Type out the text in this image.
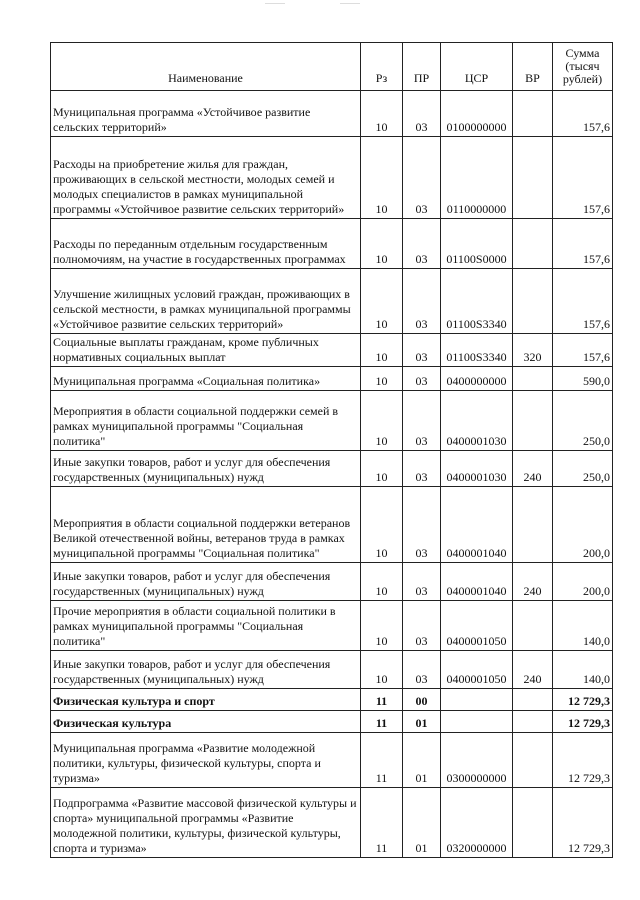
Наименование	Рз	ПР	ЦСР	ВР	Сумма (тысяч рублей)
Муниципальная программа «Устойчивое развитие сельских территорий»	10	03	0100000000		157,6
Расходы на приобретение жилья для граждан, проживающих в сельской местности, молодых семей и молодых специалистов в рамках муниципальной программы «Устойчивое развитие сельских территорий»	10	03	0110000000		157,6
Расходы по переданным отдельным государственным полномочиям, на участие в государственных программах	10	03	01100S0000		157,6
Улучшение жилищных условий граждан, проживающих в сельской местности, в рамках муниципальной программы «Устойчивое развитие сельских территорий»	10	03	01100S3340		157,6
Социальные выплаты гражданам, кроме публичных нормативных социальных выплат	10	03	01100S3340	320	157,6
Муниципальная программа «Социальная политика»	10	03	0400000000		590,0
Мероприятия в области социальной поддержки семей в рамках муниципальной программы "Социальная политика"	10	03	0400001030		250,0
Иные закупки товаров, работ и услуг для обеспечения государственных (муниципальных) нужд	10	03	0400001030	240	250,0
Мероприятия в области социальной поддержки ветеранов Великой отечественной войны, ветеранов труда в рамках муниципальной программы "Социальная политика"	10	03	0400001040		200,0
Иные закупки товаров, работ и услуг для обеспечения государственных (муниципальных) нужд	10	03	0400001040	240	200,0
Прочие мероприятия в области социальной политики в рамках муниципальной программы "Социальная политика"	10	03	0400001050		140,0
Иные закупки товаров, работ и услуг для обеспечения государственных (муниципальных) нужд	10	03	0400001050	240	140,0
Физическая культура и спорт	11	00			12 729,3
Физическая культура	11	01			12 729,3
Муниципальная программа «Развитие молодежной политики, культуры, физической культуры, спорта и туризма»	11	01	0300000000		12 729,3
Подпрограмма «Развитие массовой физической культуры и спорта» муниципальной программы «Развитие молодежной политики, культуры, физической культуры, спорта и туризма»	11	01	0320000000		12 729,3
